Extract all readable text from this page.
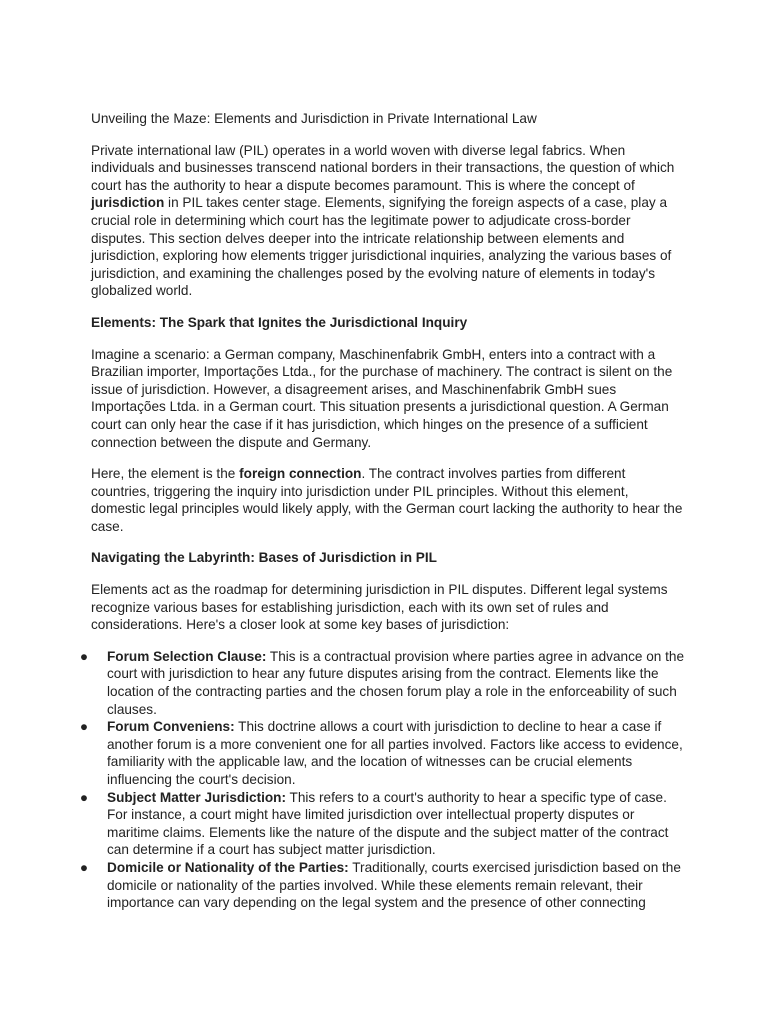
Unveiling the Maze: Elements and Jurisdiction in Private International Law

Private international law (PIL) operates in a world woven with diverse legal fabrics. When individuals and businesses transcend national borders in their transactions, the question of which court has the authority to hear a dispute becomes paramount. This is where the concept of jurisdiction in PIL takes center stage. Elements, signifying the foreign aspects of a case, play a crucial role in determining which court has the legitimate power to adjudicate cross-border disputes. This section delves deeper into the intricate relationship between elements and jurisdiction, exploring how elements trigger jurisdictional inquiries, analyzing the various bases of jurisdiction, and examining the challenges posed by the evolving nature of elements in today's globalized world.

Elements: The Spark that Ignites the Jurisdictional Inquiry

Imagine a scenario: a German company, Maschinenfabrik GmbH, enters into a contract with a Brazilian importer, Importações Ltda., for the purchase of machinery. The contract is silent on the issue of jurisdiction. However, a disagreement arises, and Maschinenfabrik GmbH sues Importações Ltda. in a German court. This situation presents a jurisdictional question. A German court can only hear the case if it has jurisdiction, which hinges on the presence of a sufficient connection between the dispute and Germany.

Here, the element is the foreign connection. The contract involves parties from different countries, triggering the inquiry into jurisdiction under PIL principles. Without this element, domestic legal principles would likely apply, with the German court lacking the authority to hear the case.

Navigating the Labyrinth: Bases of Jurisdiction in PIL

Elements act as the roadmap for determining jurisdiction in PIL disputes. Different legal systems recognize various bases for establishing jurisdiction, each with its own set of rules and considerations. Here's a closer look at some key bases of jurisdiction:

● Forum Selection Clause: This is a contractual provision where parties agree in advance on the court with jurisdiction to hear any future disputes arising from the contract. Elements like the location of the contracting parties and the chosen forum play a role in the enforceability of such clauses.
● Forum Conveniens: This doctrine allows a court with jurisdiction to decline to hear a case if another forum is a more convenient one for all parties involved. Factors like access to evidence, familiarity with the applicable law, and the location of witnesses can be crucial elements influencing the court's decision.
● Subject Matter Jurisdiction: This refers to a court's authority to hear a specific type of case. For instance, a court might have limited jurisdiction over intellectual property disputes or maritime claims. Elements like the nature of the dispute and the subject matter of the contract can determine if a court has subject matter jurisdiction.
● Domicile or Nationality of the Parties: Traditionally, courts exercised jurisdiction based on the domicile or nationality of the parties involved. While these elements remain relevant, their importance can vary depending on the legal system and the presence of other connecting
